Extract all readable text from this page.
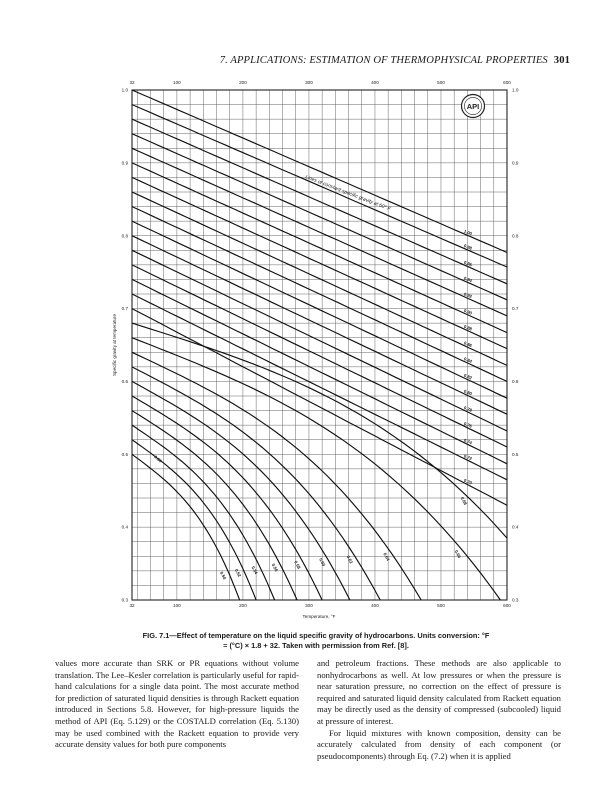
7. APPLICATIONS: ESTIMATION OF THERMOPHYSICAL PROPERTIES 301
32
32
100
100
200
200
300
300
400
400
500
500
600
600
0.3	0.3
0.4	0.4
0.5	0.5
0.6	0.6
0.7	0.7
0.8	0.8
0.9	0.9
1.0	1.0
1.00
0.98
0.96
0.94
0.92
0.90
0.88
0.86
0.84
0.82
0.80
0.78
0.76
0.74
0.72
0.70
0.68
0.66
0.64
0.62
0.60
0.58
0.56
0.54
0.52
0.50
0.50
Lines of constant specific gravity at 60° F
Temperature, °F
Specific gravity at temperature
API
FIG. 7.1—Effect of temperature on the liquid specific gravity of hydrocarbons. Units conversion: °F = (°C) × 1.8 + 32. Taken with permission from Ref. [8].

values more accurate than SRK or PR equations without volume translation. The Lee–Kesler correlation is particularly useful for rapid-hand calculations for a single data point. The most accurate method for prediction of saturated liquid densities is through Rackett equation introduced in Sections 5.8. However, for high-pressure liquids the method of API (Eq. 5.129) or the COSTALD correlation (Eq. 5.130) may be used combined with the Rackett equation to provide very accurate density values for both pure components

and petroleum fractions. These methods are also applicable to nonhydrocarbons as well. At low pressures or when the pressure is near saturation pressure, no correction on the effect of pressure is required and saturated liquid density calculated from Rackett equation may be directly used as the density of compressed (subcooled) liquid at pressure of interest.

For liquid mixtures with known composition, density can be accurately calculated from density of each component (or pseudocomponents) through Eq. (7.2) when it is applied
